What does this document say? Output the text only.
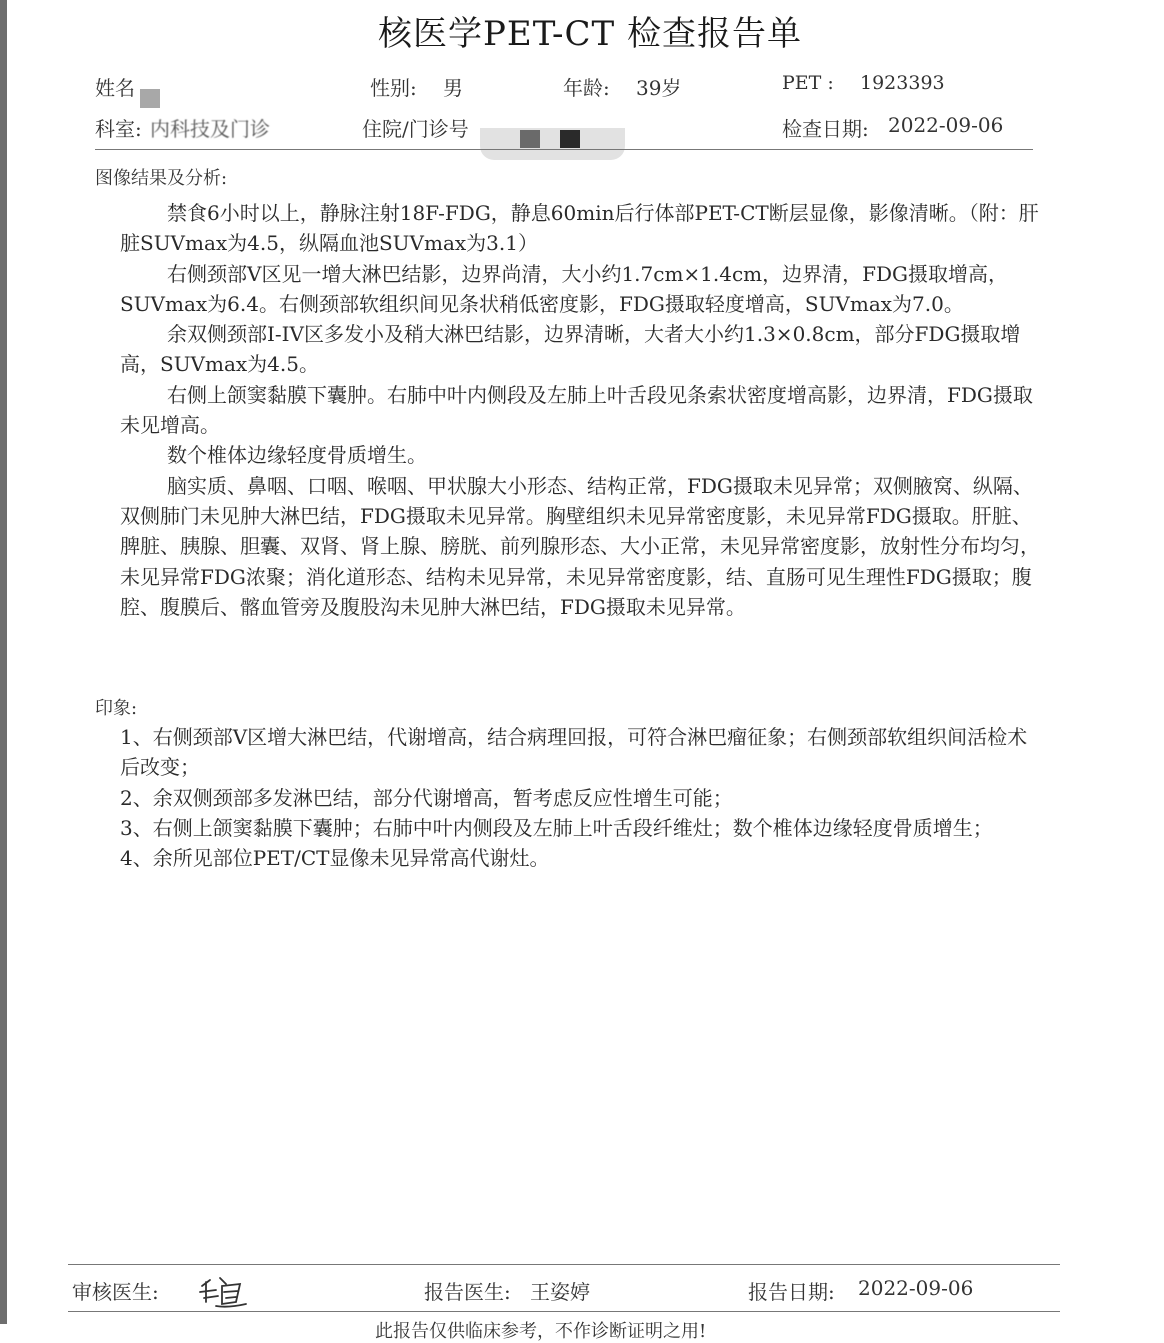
核医学PET-CT 检查报告单
姓名	性别: 男	年龄: 39岁	PET : 1923393
科室: 内科技及门诊	住院/门诊号	检查日期: 2022-09-06
图像结果及分析:

禁食6小时以上，静脉注射18F-FDG，静息60min后行体部PET-CT断层显像，影像清晰。（附：肝脏SUVmax为4.5，纵隔血池SUVmax为3.1）

右侧颈部V区见一增大淋巴结影，边界尚清，大小约1.7cm×1.4cm，边界清，FDG摄取增高，SUVmax为6.4。右侧颈部软组织间见条状稍低密度影，FDG摄取轻度增高，SUVmax为7.0。

余双侧颈部I-IV区多发小及稍大淋巴结影，边界清晰，大者大小约1.3×0.8cm，部分FDG摄取增高，SUVmax为4.5。

右侧上颌窦黏膜下囊肿。右肺中叶内侧段及左肺上叶舌段见条索状密度增高影，边界清，FDG摄取未见增高。

数个椎体边缘轻度骨质增生。

脑实质、鼻咽、口咽、喉咽、甲状腺大小形态、结构正常，FDG摄取未见异常；双侧腋窝、纵隔、双侧肺门未见肿大淋巴结，FDG摄取未见异常。胸壁组织未见异常密度影，未见异常FDG摄取。肝脏、脾脏、胰腺、胆囊、双肾、肾上腺、膀胱、前列腺形态、大小正常，未见异常密度影，放射性分布均匀，未见异常FDG浓聚；消化道形态、结构未见异常，未见异常密度影，结、直肠可见生理性FDG摄取；腹腔、腹膜后、髂血管旁及腹股沟未见肿大淋巴结，FDG摄取未见异常。

印象:

1、右侧颈部V区增大淋巴结，代谢增高，结合病理回报，可符合淋巴瘤征象；右侧颈部软组织间活检术后改变；

2、余双侧颈部多发淋巴结，部分代谢增高，暂考虑反应性增生可能；

3、右侧上颌窦黏膜下囊肿；右肺中叶内侧段及左肺上叶舌段纤维灶；数个椎体边缘轻度骨质增生；

4、余所见部位PET/CT显像未见异常高代谢灶。

审核医生:	报告医生: 王姿婷	报告日期: 2022-09-06
此报告仅供临床参考，不作诊断证明之用!
